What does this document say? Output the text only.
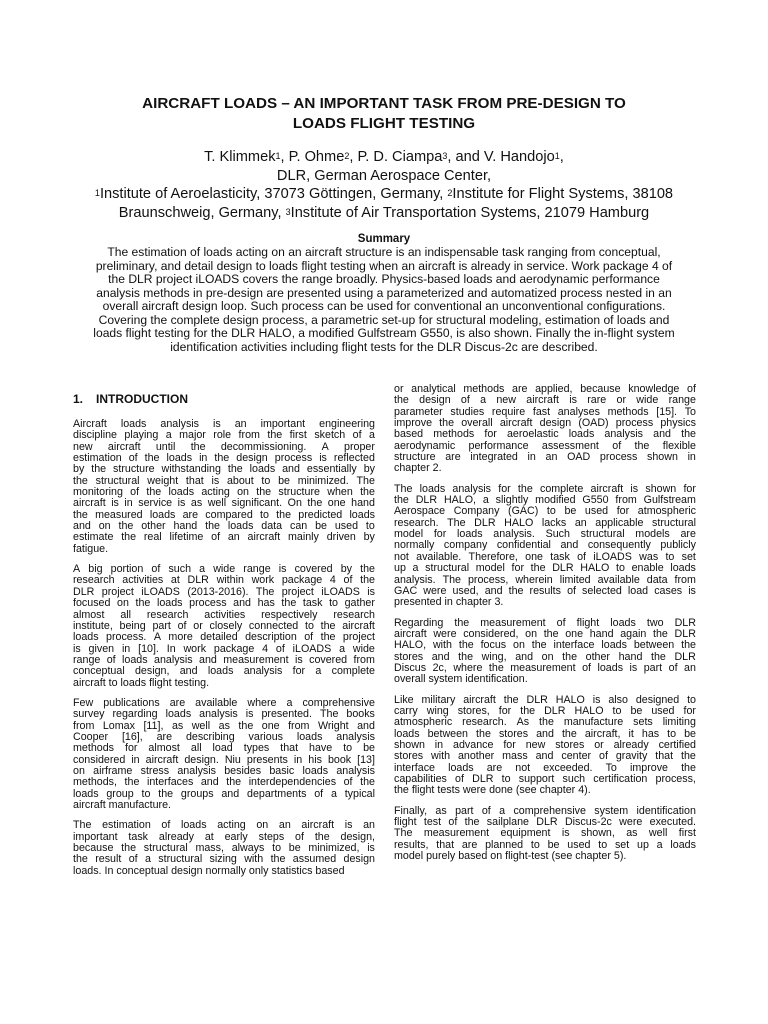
AIRCRAFT LOADS – AN IMPORTANT TASK FROM PRE-DESIGN TO
LOADS FLIGHT TESTING
T. Klimmek$^1$, P. Ohme$^2$, P. D. Ciampa$^3$, and V. Handojo$^1$,
DLR, German Aerospace Center,
$^1$Institute of Aeroelasticity, 37073 Göttingen, Germany, $^2$Institute for Flight Systems, 38108
Braunschweig, Germany, $^3$Institute of Air Transportation Systems, 21079 Hamburg
Summary
The estimation of loads acting on an aircraft structure is an indispensable task ranging from conceptual,
preliminary, and detail design to loads flight testing when an aircraft is already in service. Work package 4 of
the DLR project iLOADS covers the range broadly. Physics-based loads and aerodynamic performance
analysis methods in pre-design are presented using a parameterized and automatized process nested in an
overall aircraft design loop. Such process can be used for conventional an unconventional configurations.
Covering the complete design process, a parametric set-up for structural modeling, estimation of loads and
loads flight testing for the DLR HALO, a modified Gulfstream G550, is also shown. Finally the in-flight system
identification activities including flight tests for the DLR Discus-2c are described.
1. INTRODUCTION
Aircraft loads analysis is an important engineering
discipline playing a major role from the first sketch of a
new aircraft until the decommissioning. A proper
estimation of the loads in the design process is reflected
by the structure withstanding the loads and essentially by
the structural weight that is about to be minimized. The
monitoring of the loads acting on the structure when the
aircraft is in service is as well significant. On the one hand
the measured loads are compared to the predicted loads
and on the other hand the loads data can be used to
estimate the real lifetime of an aircraft mainly driven by
fatigue.
A big portion of such a wide range is covered by the
research activities at DLR within work package 4 of the
DLR project iLOADS (2013-2016). The project iLOADS is
focused on the loads process and has the task to gather
almost all research activities respectively research
institute, being part of or closely connected to the aircraft
loads process. A more detailed description of the project
is given in [10]. In work package 4 of iLOADS a wide
range of loads analysis and measurement is covered from
conceptual design, and loads analysis for a complete
aircraft to loads flight testing.
Few publications are available where a comprehensive
survey regarding loads analysis is presented. The books
from Lomax [11], as well as the one from Wright and
Cooper [16], are describing various loads analysis
methods for almost all load types that have to be
considered in aircraft design. Niu presents in his book [13]
on airframe stress analysis besides basic loads analysis
methods, the interfaces and the interdependencies of the
loads group to the groups and departments of a typical
aircraft manufacture.
The estimation of loads acting on an aircraft is an
important task already at early steps of the design,
because the structural mass, always to be minimized, is
the result of a structural sizing with the assumed design
loads. In conceptual design normally only statistics based
or analytical methods are applied, because knowledge of
the design of a new aircraft is rare or wide range
parameter studies require fast analyses methods [15]. To
improve the overall aircraft design (OAD) process physics
based methods for aeroelastic loads analysis and the
aerodynamic performance assessment of the flexible
structure are integrated in an OAD process shown in
chapter 2.
The loads analysis for the complete aircraft is shown for
the DLR HALO, a slightly modified G550 from Gulfstream
Aerospace Company (GAC) to be used for atmospheric
research. The DLR HALO lacks an applicable structural
model for loads analysis. Such structural models are
normally company confidential and consequently publicly
not available. Therefore, one task of iLOADS was to set
up a structural model for the DLR HALO to enable loads
analysis. The process, wherein limited available data from
GAC were used, and the results of selected load cases is
presented in chapter 3.
Regarding the measurement of flight loads two DLR
aircraft were considered, on the one hand again the DLR
HALO, with the focus on the interface loads between the
stores and the wing, and on the other hand the DLR
Discus 2c, where the measurement of loads is part of an
overall system identification.
Like military aircraft the DLR HALO is also designed to
carry wing stores, for the DLR HALO to be used for
atmospheric research. As the manufacture sets limiting
loads between the stores and the aircraft, it has to be
shown in advance for new stores or already certified
stores with another mass and center of gravity that the
interface loads are not exceeded. To improve the
capabilities of DLR to support such certification process,
the flight tests were done (see chapter 4).
Finally, as part of a comprehensive system identification
flight test of the sailplane DLR Discus-2c were executed.
The measurement equipment is shown, as well first
results, that are planned to be used to set up a loads
model purely based on flight-test (see chapter 5).
